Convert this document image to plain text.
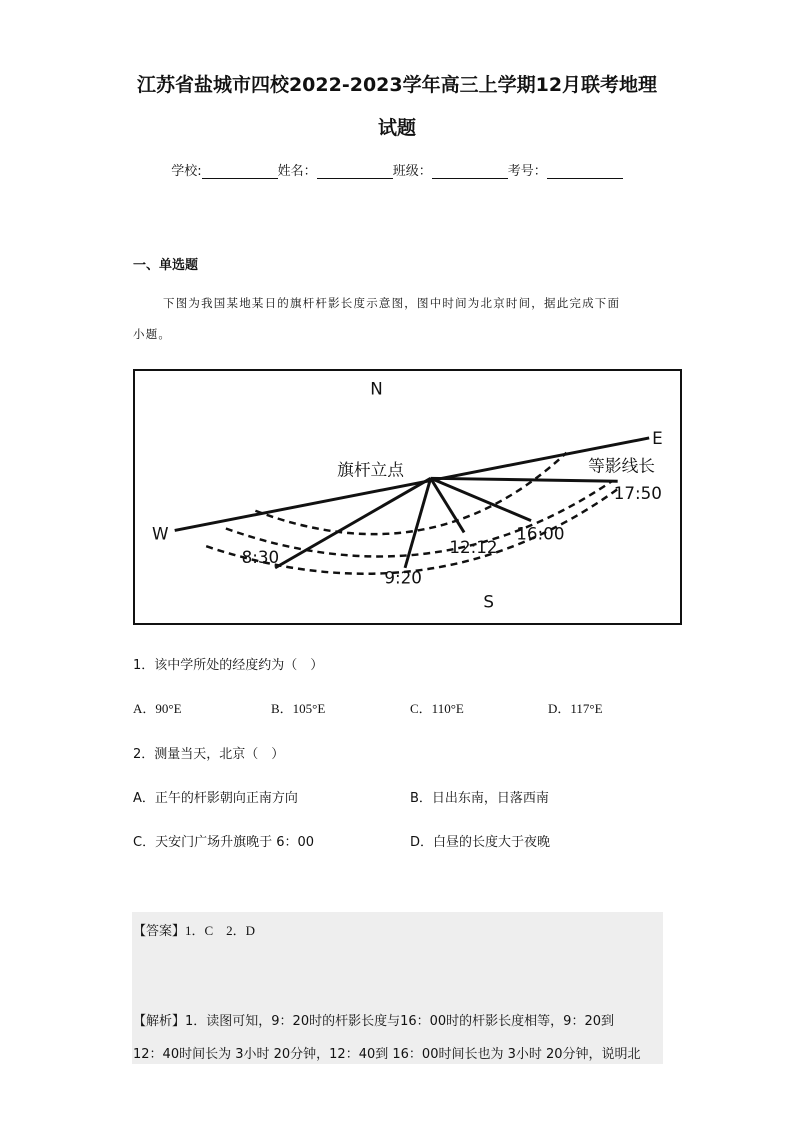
江苏省盐城市四校2022-2023学年高三上学期12月联考地理
试题
学校:	姓名：	班级：	考号：
一、单选题
下图为我国某地某日的旗杆杆影长度示意图，图中时间为北京时间，据此完成下面
小题。
N
S
E
W
旗杆立点	等影线长
17:50
16:00
12:12
8:30
9:20
1．该中学所处的经度约为（　）
A．90°E	B．105°E	C．110°E	D．117°E
2．测量当天，北京（　）
A．正午的杆影朝向正南方向	B．日出东南，日落西南
C．天安门广场升旗晚于 6：00	D．白昼的长度大于夜晚
【答案】1．C　2．D
【解析】1．读图可知，9：20时的杆影长度与16：00时的杆影长度相等，9：20到
12：40时间长为 3小时 20分钟，12：40到 16：00时间长也为 3小时 20分钟，说明北
